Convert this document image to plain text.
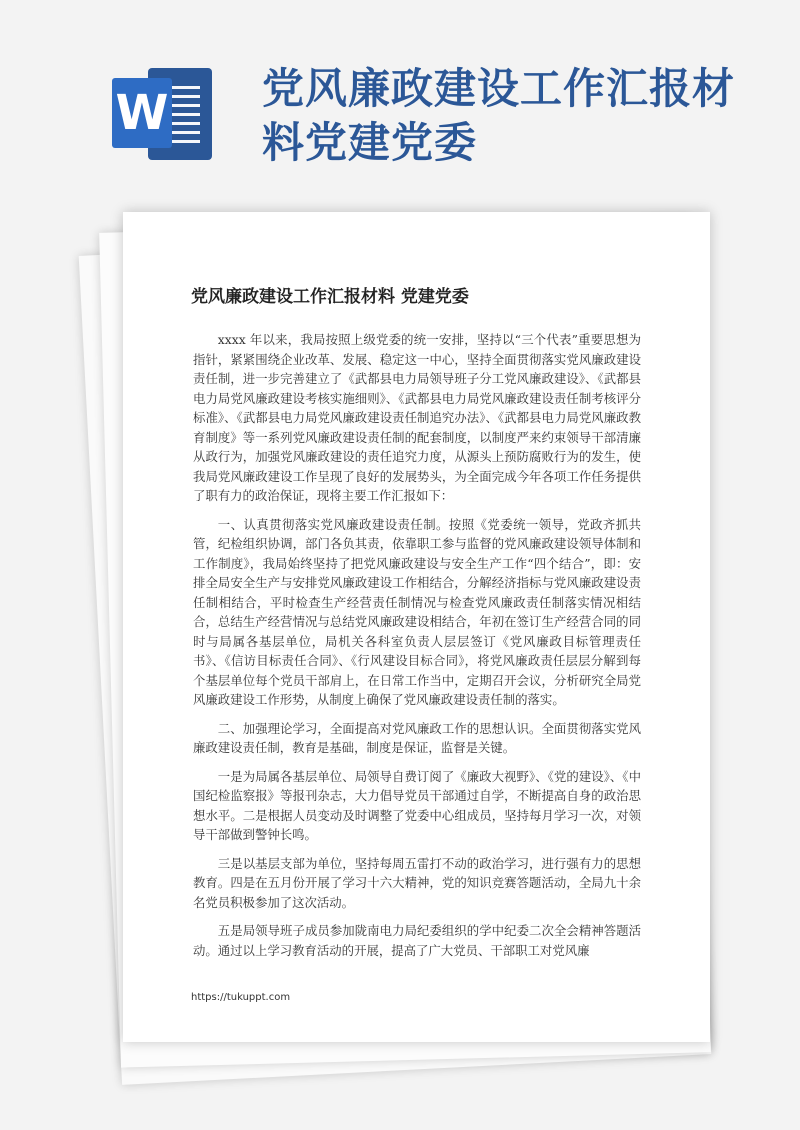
W 党风廉政建设工作汇报材料党建党委
党风廉政建设工作汇报材料 党建党委

xxxx 年以来，我局按照上级党委的统一安排，坚持以“三个代表”重要思想为指针，紧紧围绕企业改革、发展、稳定这一中心，坚持全面贯彻落实党风廉政建设责任制，进一步完善建立了《武都县电力局领导班子分工党风廉政建设》、《武都县电力局党风廉政建设考核实施细则》、《武都县电力局党风廉政建设责任制考核评分标准》、《武都县电力局党风廉政建设责任制追究办法》、《武都县电力局党风廉政教育制度》等一系列党风廉政建设责任制的配套制度，以制度严来约束领导干部清廉从政行为，加强党风廉政建设的责任追究力度，从源头上预防腐败行为的发生，使我局党风廉政建设工作呈现了良好的发展势头，为全面完成今年各项工作任务提供了职有力的政治保证，现将主要工作汇报如下：

一、认真贯彻落实党风廉政建设责任制。按照《党委统一领导，党政齐抓共管，纪检组织协调，部门各负其责，依靠职工参与监督的党风廉政建设领导体制和工作制度》，我局始终坚持了把党风廉政建设与安全生产工作“四个结合”，即：安排全局安全生产与安排党风廉政建设工作相结合，分解经济指标与党风廉政建设责任制相结合，平时检查生产经营责任制情况与检查党风廉政责任制落实情况相结合，总结生产经营情况与总结党风廉政建设相结合，年初在签订生产经营合同的同时与局属各基层单位，局机关各科室负责人层层签订《党风廉政目标管理责任书》、《信访目标责任合同》、《行风建设目标合同》，将党风廉政责任层层分解到每个基层单位每个党员干部肩上，在日常工作当中，定期召开会议，分析研究全局党风廉政建设工作形势，从制度上确保了党风廉政建设责任制的落实。

二、加强理论学习，全面提高对党风廉政工作的思想认识。全面贯彻落实党风廉政建设责任制，教育是基础，制度是保证，监督是关键。

一是为局属各基层单位、局领导自费订阅了《廉政大视野》、《党的建设》、《中国纪检监察报》等报刊杂志，大力倡导党员干部通过自学，不断提高自身的政治思想水平。二是根据人员变动及时调整了党委中心组成员，坚持每月学习一次，对领导干部做到警钟长鸣。

三是以基层支部为单位，坚持每周五雷打不动的政治学习，进行强有力的思想教育。四是在五月份开展了学习十六大精神，党的知识竞赛答题活动，全局九十余名党员积极参加了这次活动。

五是局领导班子成员参加陇南电力局纪委组织的学中纪委二次全会精神答题活动。通过以上学习教育活动的开展，提高了广大党员、干部职工对党风廉

https://tukuppt.com
